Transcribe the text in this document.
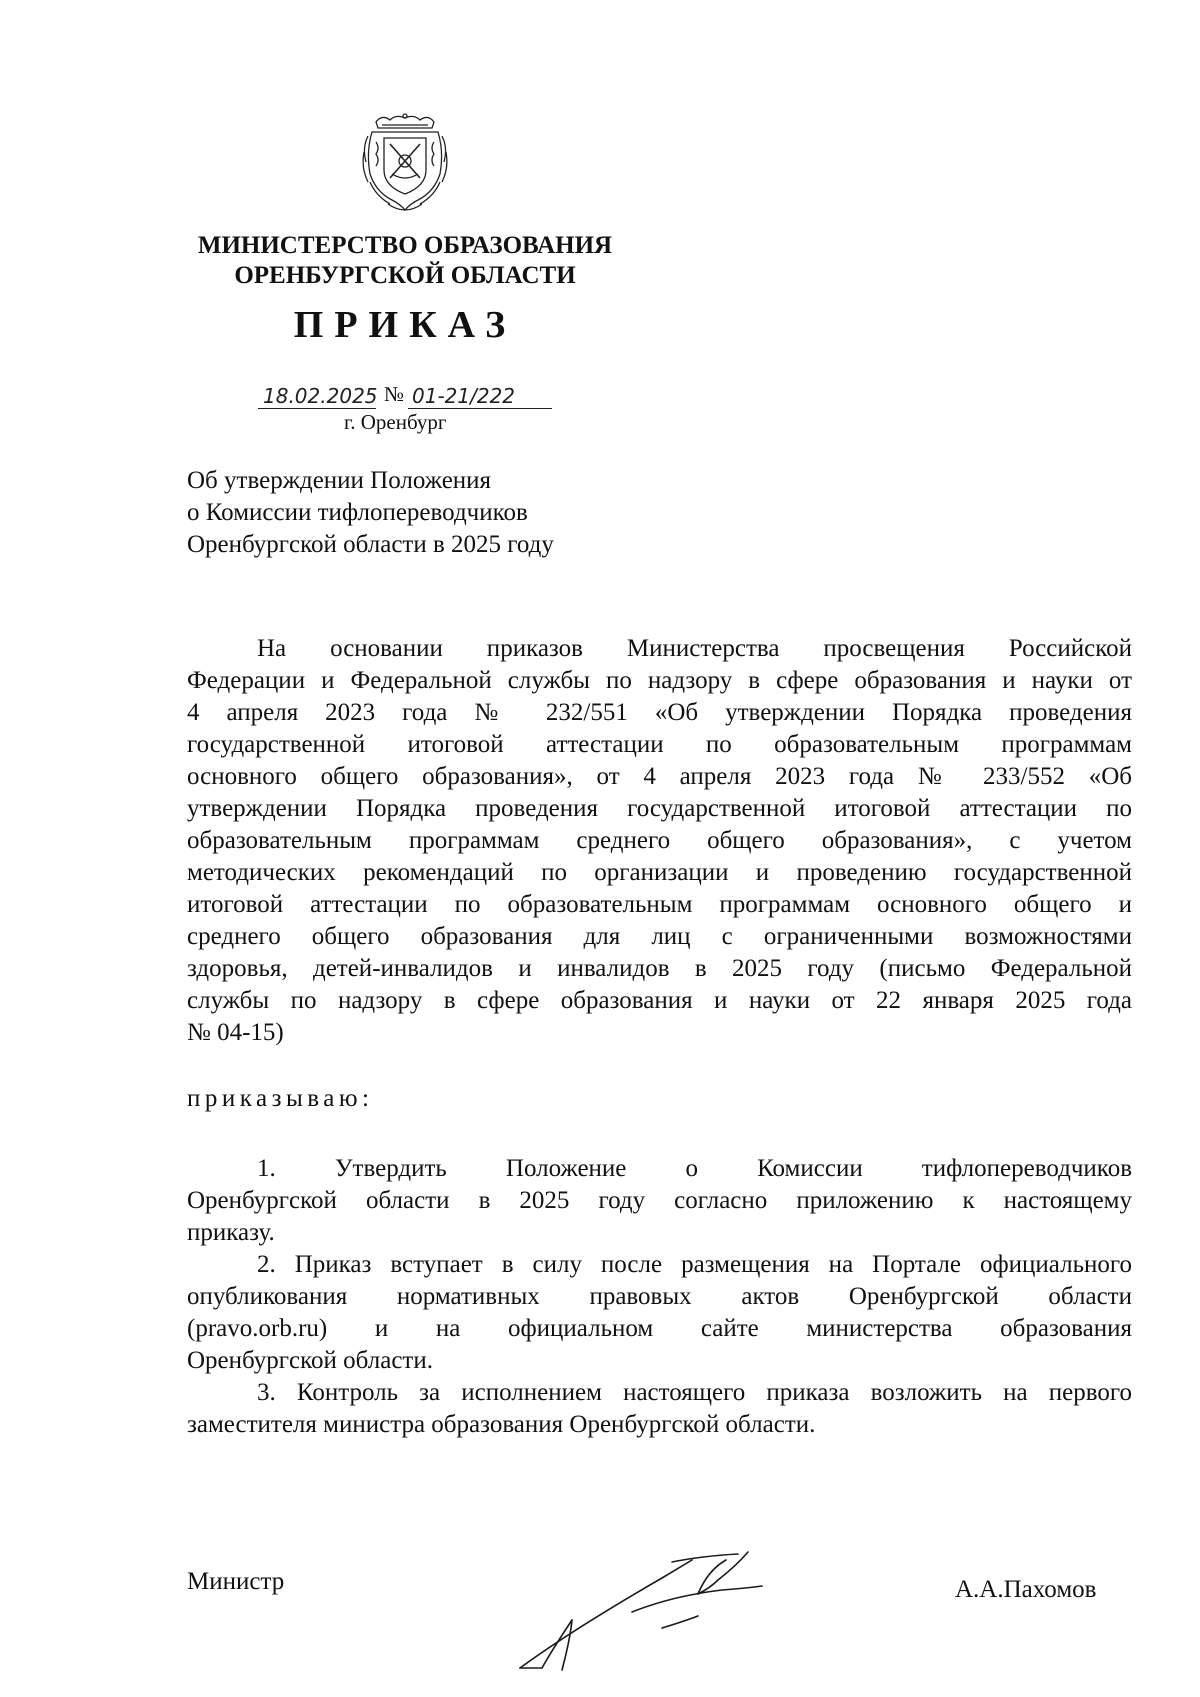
МИНИСТЕРСТВО ОБРАЗОВАНИЯ
ОРЕНБУРГСКОЙ ОБЛАСТИ
ПРИКАЗ
18.02.2025 № 01-21/222
г. Оренбург
Об утверждении Положения
о Комиссии тифлопереводчиков
Оренбургской области в 2025 году
На основании приказов Министерства просвещения Российской
Федерации и Федеральной службы по надзору в сфере образования и науки от
4 апреля 2023 года № 232/551 «Об утверждении Порядка проведения
государственной итоговой аттестации по образовательным программам
основного общего образования», от 4 апреля 2023 года № 233/552 «Об
утверждении Порядка проведения государственной итоговой аттестации по
образовательным программам среднего общего образования», с учетом
методических рекомендаций по организации и проведению государственной
итоговой аттестации по образовательным программам основного общего и
среднего общего образования для лиц с ограниченными возможностями
здоровья, детей-инвалидов и инвалидов в 2025 году (письмо Федеральной
службы по надзору в сфере образования и науки от 22 января 2025 года
№ 04-15)
приказываю:
1. Утвердить Положение о Комиссии тифлопереводчиков
Оренбургской области в 2025 году согласно приложению к настоящему
приказу.
2. Приказ вступает в силу после размещения на Портале официального
опубликования нормативных правовых актов Оренбургской области
(pravo.orb.ru) и на официальном сайте министерства образования
Оренбургской области.
3. Контроль за исполнением настоящего приказа возложить на первого
заместителя министра образования Оренбургской области.
Министр	А.А.Пахомов
